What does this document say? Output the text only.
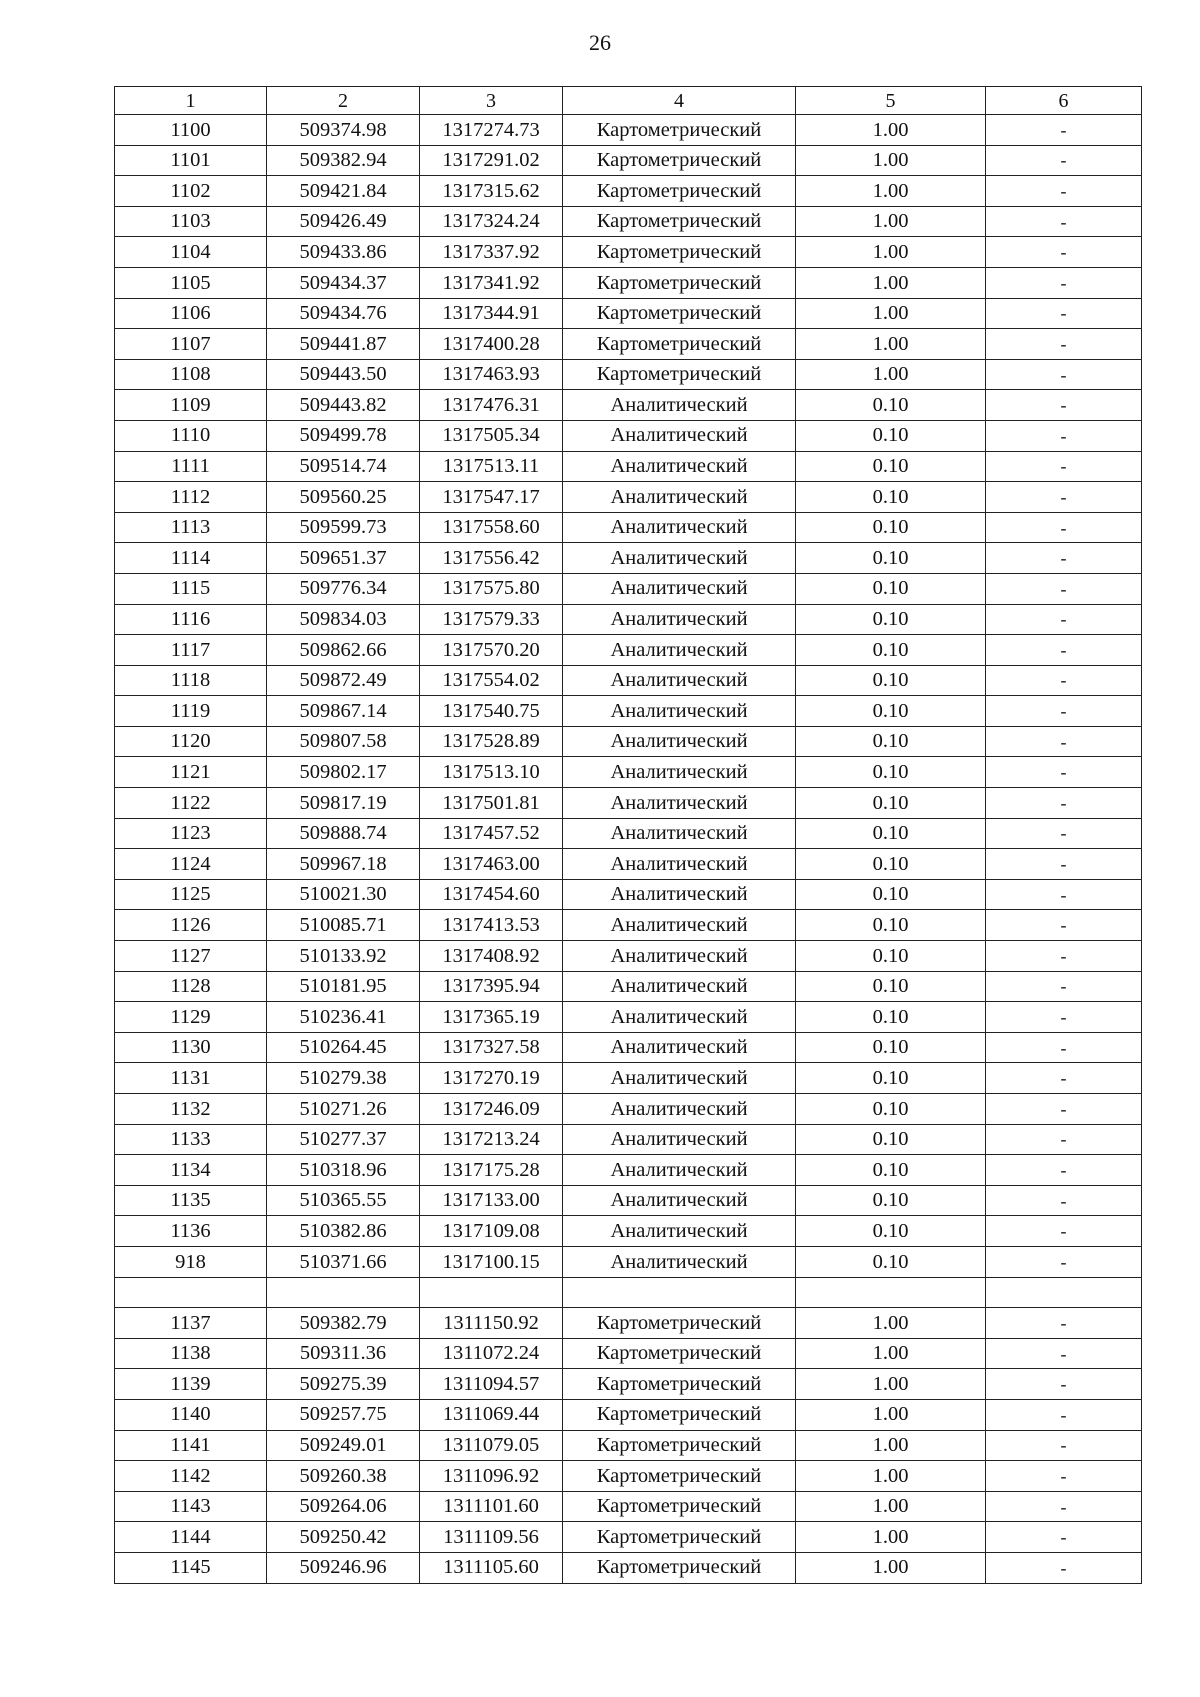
26
1	2	3	4	5	6
1100	509374.98	1317274.73	Картометрический	1.00	-
1101	509382.94	1317291.02	Картометрический	1.00	-
1102	509421.84	1317315.62	Картометрический	1.00	-
1103	509426.49	1317324.24	Картометрический	1.00	-
1104	509433.86	1317337.92	Картометрический	1.00	-
1105	509434.37	1317341.92	Картометрический	1.00	-
1106	509434.76	1317344.91	Картометрический	1.00	-
1107	509441.87	1317400.28	Картометрический	1.00	-
1108	509443.50	1317463.93	Картометрический	1.00	-
1109	509443.82	1317476.31	Аналитический	0.10	-
1110	509499.78	1317505.34	Аналитический	0.10	-
1111	509514.74	1317513.11	Аналитический	0.10	-
1112	509560.25	1317547.17	Аналитический	0.10	-
1113	509599.73	1317558.60	Аналитический	0.10	-
1114	509651.37	1317556.42	Аналитический	0.10	-
1115	509776.34	1317575.80	Аналитический	0.10	-
1116	509834.03	1317579.33	Аналитический	0.10	-
1117	509862.66	1317570.20	Аналитический	0.10	-
1118	509872.49	1317554.02	Аналитический	0.10	-
1119	509867.14	1317540.75	Аналитический	0.10	-
1120	509807.58	1317528.89	Аналитический	0.10	-
1121	509802.17	1317513.10	Аналитический	0.10	-
1122	509817.19	1317501.81	Аналитический	0.10	-
1123	509888.74	1317457.52	Аналитический	0.10	-
1124	509967.18	1317463.00	Аналитический	0.10	-
1125	510021.30	1317454.60	Аналитический	0.10	-
1126	510085.71	1317413.53	Аналитический	0.10	-
1127	510133.92	1317408.92	Аналитический	0.10	-
1128	510181.95	1317395.94	Аналитический	0.10	-
1129	510236.41	1317365.19	Аналитический	0.10	-
1130	510264.45	1317327.58	Аналитический	0.10	-
1131	510279.38	1317270.19	Аналитический	0.10	-
1132	510271.26	1317246.09	Аналитический	0.10	-
1133	510277.37	1317213.24	Аналитический	0.10	-
1134	510318.96	1317175.28	Аналитический	0.10	-
1135	510365.55	1317133.00	Аналитический	0.10	-
1136	510382.86	1317109.08	Аналитический	0.10	-
918	510371.66	1317100.15	Аналитический	0.10	-

1137	509382.79	1311150.92	Картометрический	1.00	-
1138	509311.36	1311072.24	Картометрический	1.00	-
1139	509275.39	1311094.57	Картометрический	1.00	-
1140	509257.75	1311069.44	Картометрический	1.00	-
1141	509249.01	1311079.05	Картометрический	1.00	-
1142	509260.38	1311096.92	Картометрический	1.00	-
1143	509264.06	1311101.60	Картометрический	1.00	-
1144	509250.42	1311109.56	Картометрический	1.00	-
1145	509246.96	1311105.60	Картометрический	1.00	-
